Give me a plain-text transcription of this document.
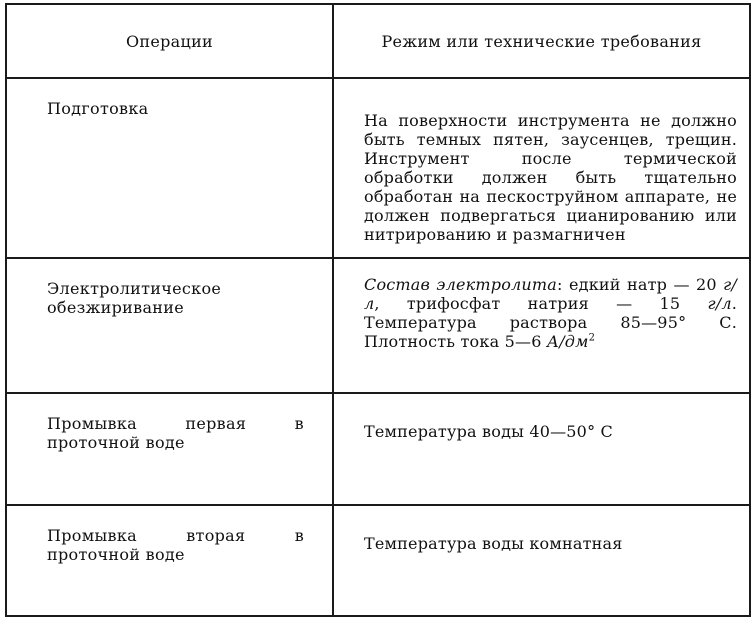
Операции	Режим или технические требования
Подготовка	На поверхности инструмента не должно быть темных пятен, заусенцев, трещин. Инструмент после термической обработки должен быть тщательно обработан на пескоструйном аппарате, не должен подвергаться цианированию или нитрированию и размагничен
Электролитическое обезжиривание	Состав электролита: едкий натр — 20 г/л, трифосфат натрия — 15 г/л. Температура раствора 85—95° С. Плотность тока 5—6 $А/дм^2$
Промывка первая в проточной воде	Температура воды 40—50° С
Промывка вторая в проточной воде	Температура воды комнатная
